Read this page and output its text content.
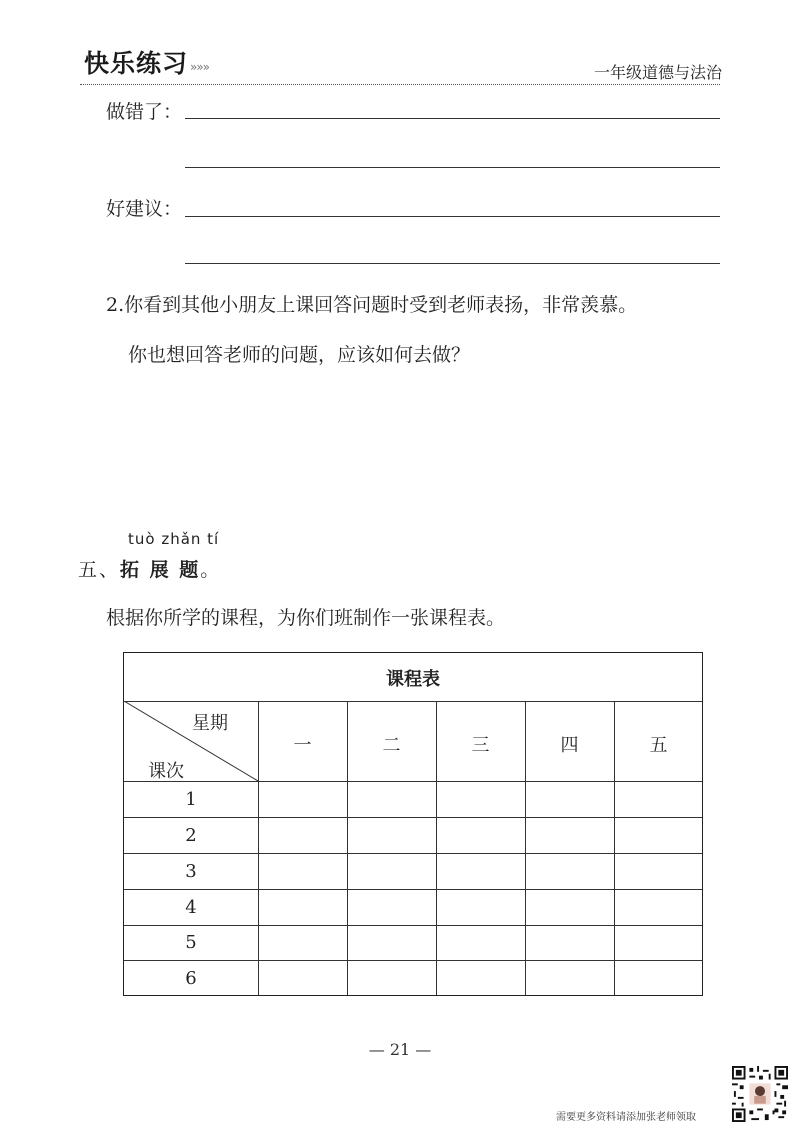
快乐练习 »»»	一年级道德与法治
做错了：
好建议：
2.你看到其他小朋友上课回答问题时受到老师表扬，非常羡慕。
你也想回答老师的问题，应该如何去做？
tuò zhǎn tí
五、拓 展 题。
根据你所学的课程，为你们班制作一张课程表。
课程表
星期
课次
一	二	三	四	五
1
2
3
4
5
6
— 21 —
需要更多资料请添加张老师领取
